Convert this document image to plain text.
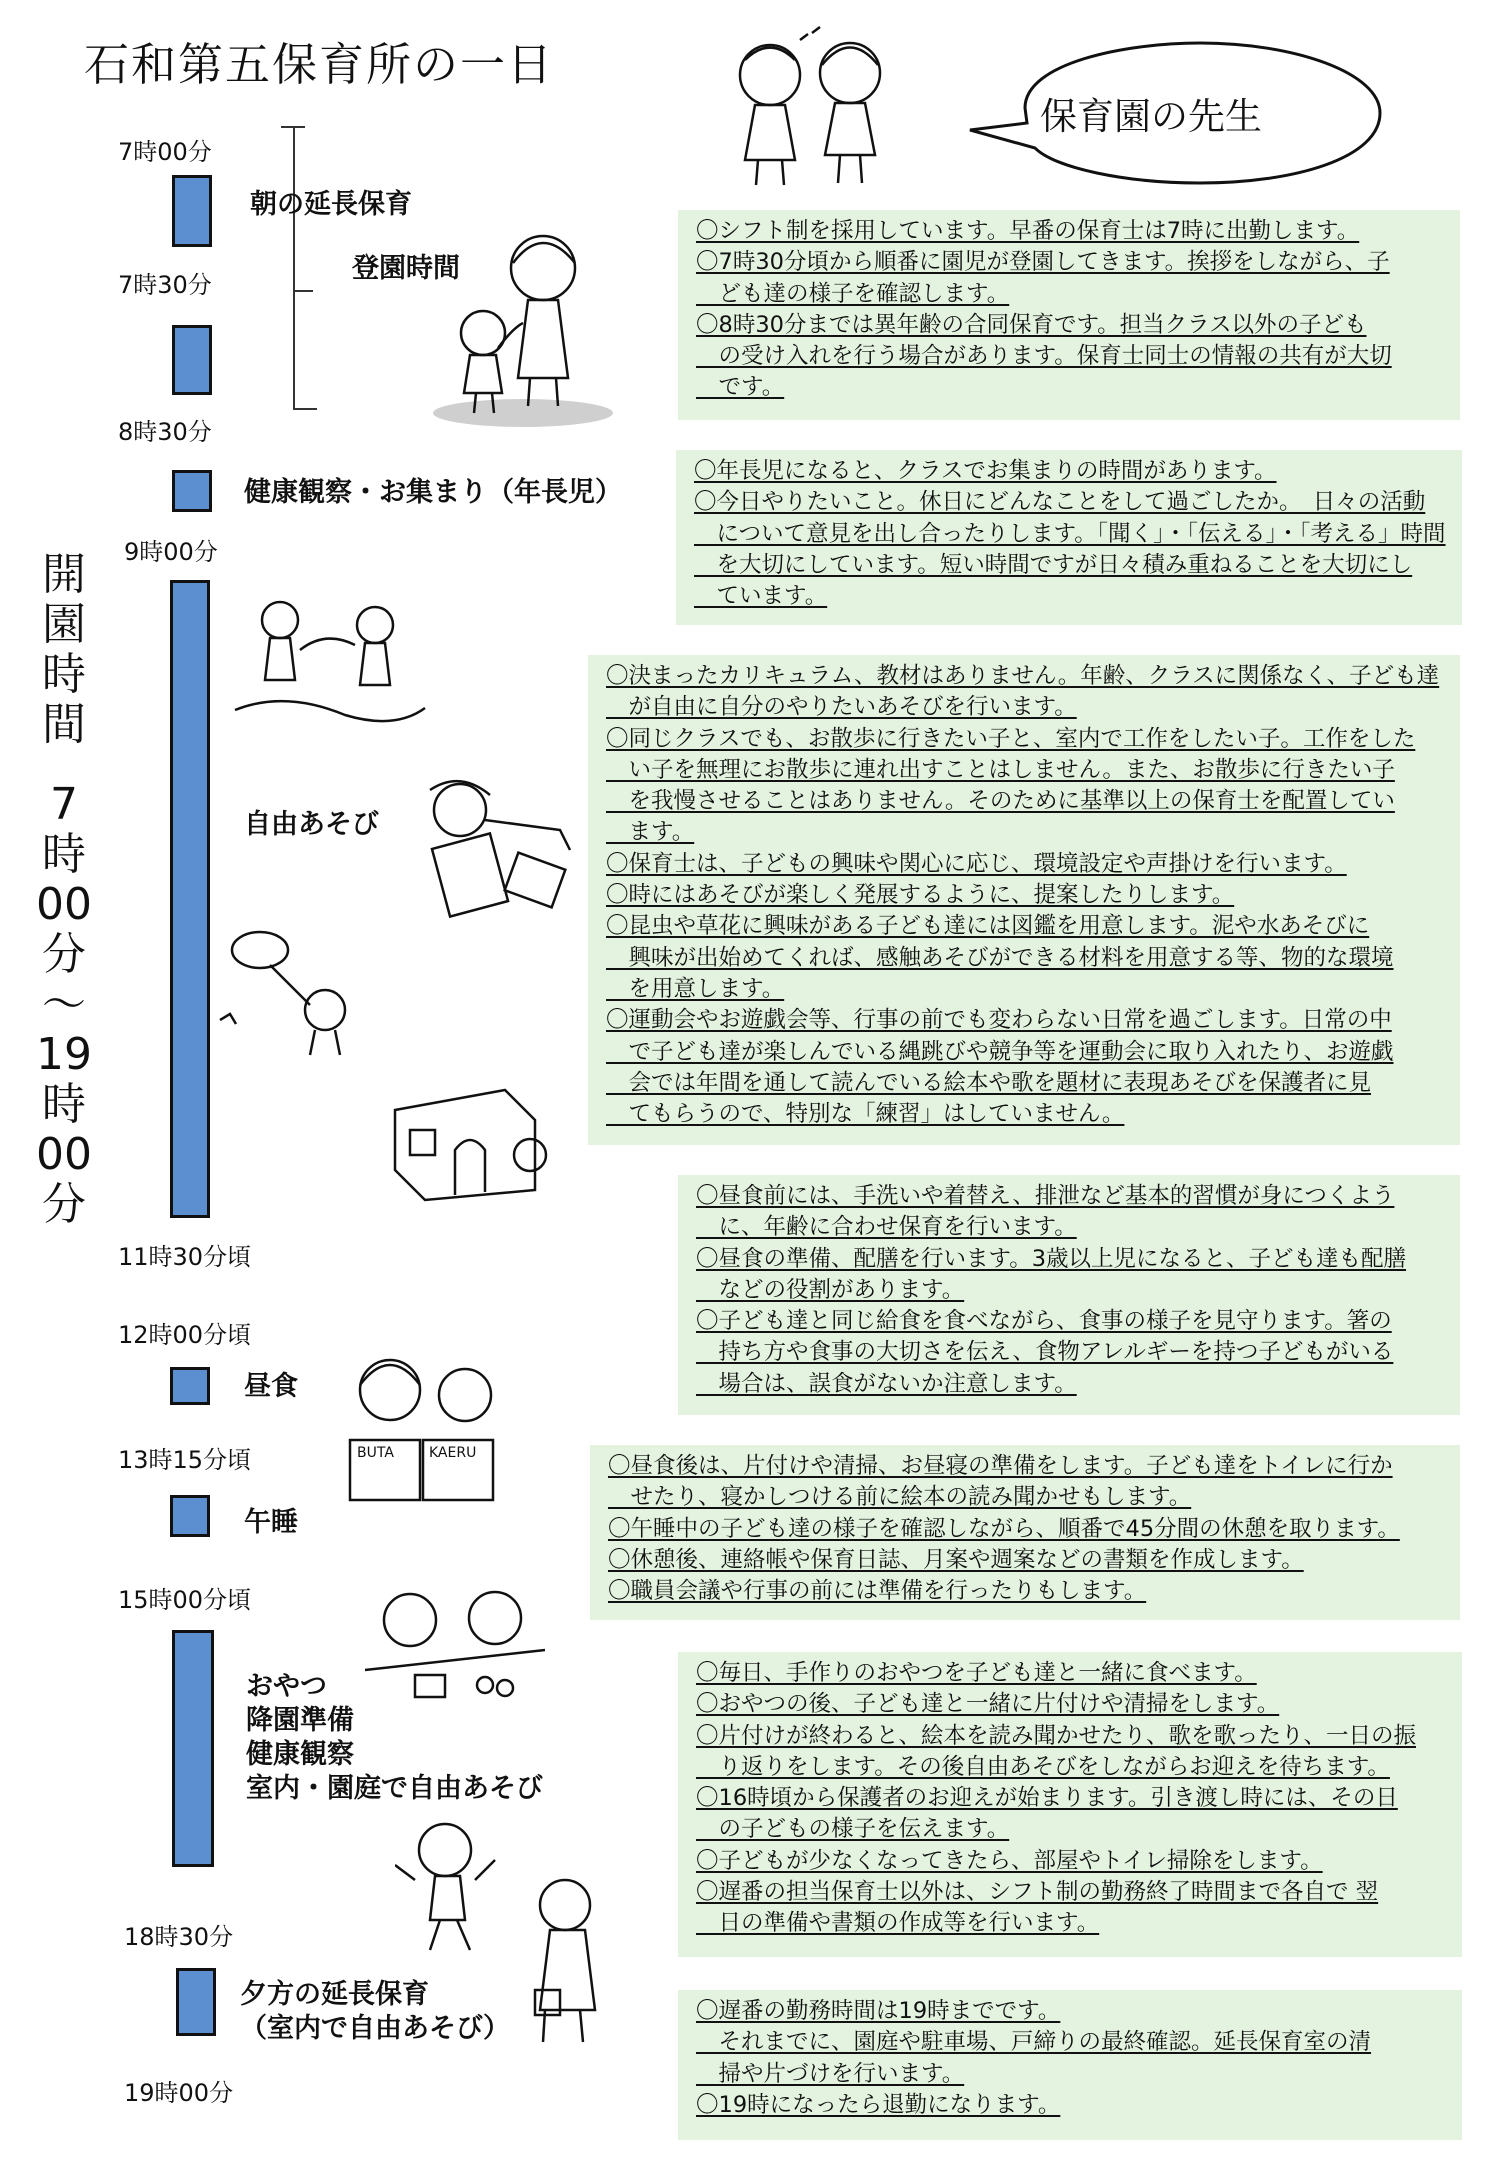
石和第五保育所の一日
保育園の先生
7時00分
7時30分
8時30分
9時00分
11時30分頃
12時00分頃
13時15分頃
15時00分頃
18時30分
19時00分
朝の延長保育
登園時間
健康観察・お集まり（年長児）
自由あそび
昼食
午睡
おやつ
降園準備
健康観察
室内・園庭で自由あそび
夕方の延長保育
（室内で自由あそび）
開
園
時
間
7
時
00
分
～
19
時
00
分
〇シフト制を採用しています。早番の保育士は7時に出勤します。
〇7時30分頃から順番に園児が登園してきます。挨拶をしながら、子
　ども達の様子を確認します。
〇8時30分までは異年齢の合同保育です。担当クラス以外の子ども
　の受け入れを行う場合があります。保育士同士の情報の共有が大切
　です。
〇年長児になると、クラスでお集まりの時間があります。
〇今日やりたいこと。休日にどんなことをして過ごしたか。　日々の活動
　について意見を出し合ったりします。「聞く」・「伝える」・「考える」時間
　を大切にしています。短い時間ですが日々積み重ねることを大切にし
　ています。
〇決まったカリキュラム、教材はありません。年齢、クラスに関係なく、子ども達
　が自由に自分のやりたいあそびを行います。
〇同じクラスでも、お散歩に行きたい子と、室内で工作をしたい子。工作をした
　い子を無理にお散歩に連れ出すことはしません。また、お散歩に行きたい子
　を我慢させることはありません。そのために基準以上の保育士を配置してい
　ます。
〇保育士は、子どもの興味や関心に応じ、環境設定や声掛けを行います。
〇時にはあそびが楽しく発展するように、提案したりします。
〇昆虫や草花に興味がある子ども達には図鑑を用意します。泥や水あそびに
　興味が出始めてくれば、感触あそびができる材料を用意する等、物的な環境
　を用意します。
〇運動会やお遊戯会等、行事の前でも変わらない日常を過ごします。日常の中
　で子ども達が楽しんでいる縄跳びや競争等を運動会に取り入れたり、お遊戯
　会では年間を通して読んでいる絵本や歌を題材に表現あそびを保護者に見
　てもらうので、特別な「練習」はしていません。
〇昼食前には、手洗いや着替え、排泄など基本的習慣が身につくよう
　に、年齢に合わせ保育を行います。
〇昼食の準備、配膳を行います。3歳以上児になると、子ども達も配膳
　などの役割があります。
〇子ども達と同じ給食を食べながら、食事の様子を見守ります。箸の
　持ち方や食事の大切さを伝え、食物アレルギーを持つ子どもがいる
　場合は、誤食がないか注意します。
〇昼食後は、片付けや清掃、お昼寝の準備をします。子ども達をトイレに行か
　せたり、寝かしつける前に絵本の読み聞かせもします。
〇午睡中の子ども達の様子を確認しながら、順番で45分間の休憩を取ります。
〇休憩後、連絡帳や保育日誌、月案や週案などの書類を作成します。
〇職員会議や行事の前には準備を行ったりもします。
〇毎日、手作りのおやつを子ども達と一緒に食べます。
〇おやつの後、子ども達と一緒に片付けや清掃をします。
〇片付けが終わると、絵本を読み聞かせたり、歌を歌ったり、一日の振
　り返りをします。その後自由あそびをしながらお迎えを待ちます。
〇16時頃から保護者のお迎えが始まります。引き渡し時には、その日
　の子どもの様子を伝えます。
〇子どもが少なくなってきたら、部屋やトイレ掃除をします。
〇遅番の担当保育士以外は、シフト制の勤務終了時間まで各自で 翌
　日の準備や書類の作成等を行います。
〇遅番の勤務時間は19時までです。
　それまでに、園庭や駐車場、戸締りの最終確認。延長保育室の清
　掃や片づけを行います。
〇19時になったら退勤になります。
BUTA	KAERU
